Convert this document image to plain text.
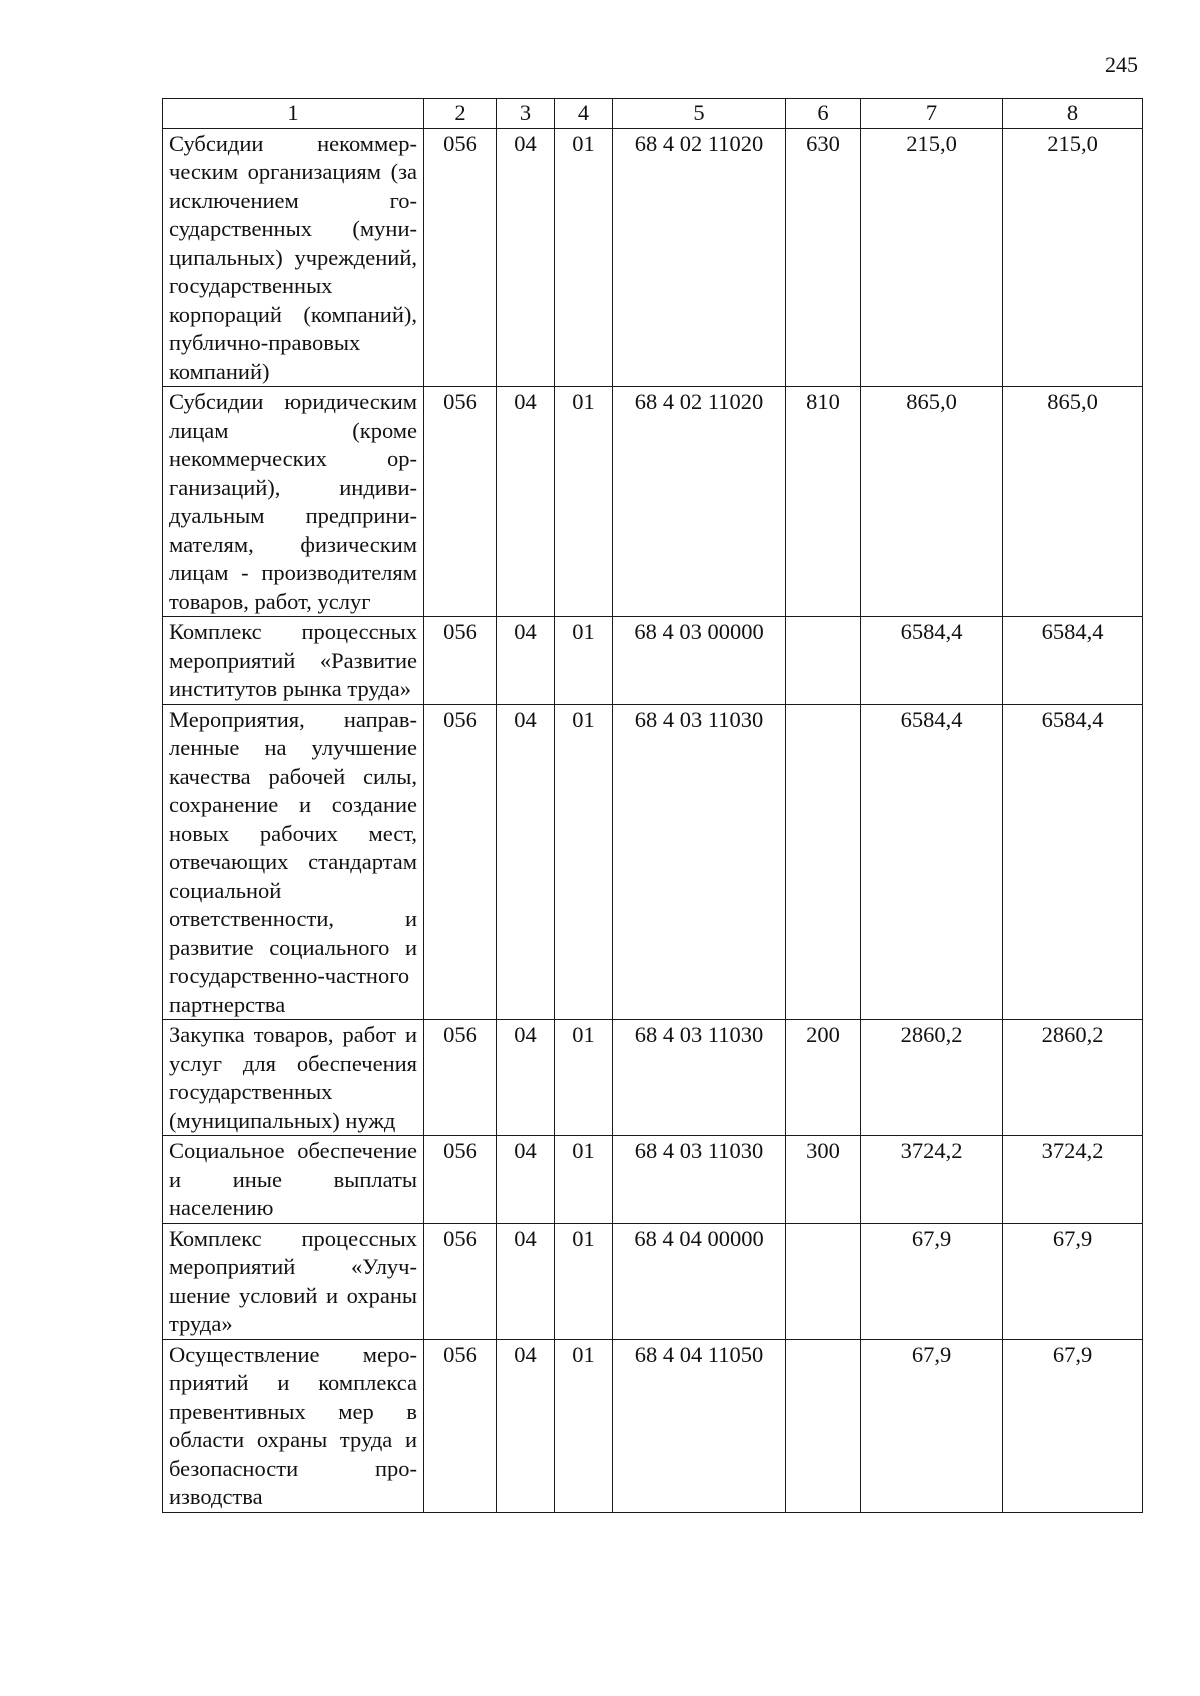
245
1	2	3	4	5	6	7	8
Субсидии некоммерческим организациям (за исключением государственных (муниципальных) учреждений, государственных корпораций (компаний), публично-правовых компаний)	056	04	01	68 4 02 11020	630	215,0	215,0
Субсидии юридическим лицам (кроме некоммерческих организаций), индивидуальным предпринимателям, физическим лицам - производителям товаров, работ, услуг	056	04	01	68 4 02 11020	810	865,0	865,0
Комплекс процессных мероприятий «Развитие институтов рынка труда»	056	04	01	68 4 03 00000		6584,4	6584,4
Мероприятия, направленные на улучшение качества рабочей силы, сохранение и создание новых рабочих мест, отвечающих стандартам социальной ответственности, и развитие социального и государственно-частного партнерства	056	04	01	68 4 03 11030		6584,4	6584,4
Закупка товаров, работ и услуг для обеспечения государственных (муниципальных) нужд	056	04	01	68 4 03 11030	200	2860,2	2860,2
Социальное обеспечение и иные выплаты населению	056	04	01	68 4 03 11030	300	3724,2	3724,2
Комплекс процессных мероприятий «Улучшение условий и охраны труда»	056	04	01	68 4 04 00000		67,9	67,9
Осуществление мероприятий и комплекса превентивных мер в области охраны труда и безопасности производства	056	04	01	68 4 04 11050		67,9	67,9
